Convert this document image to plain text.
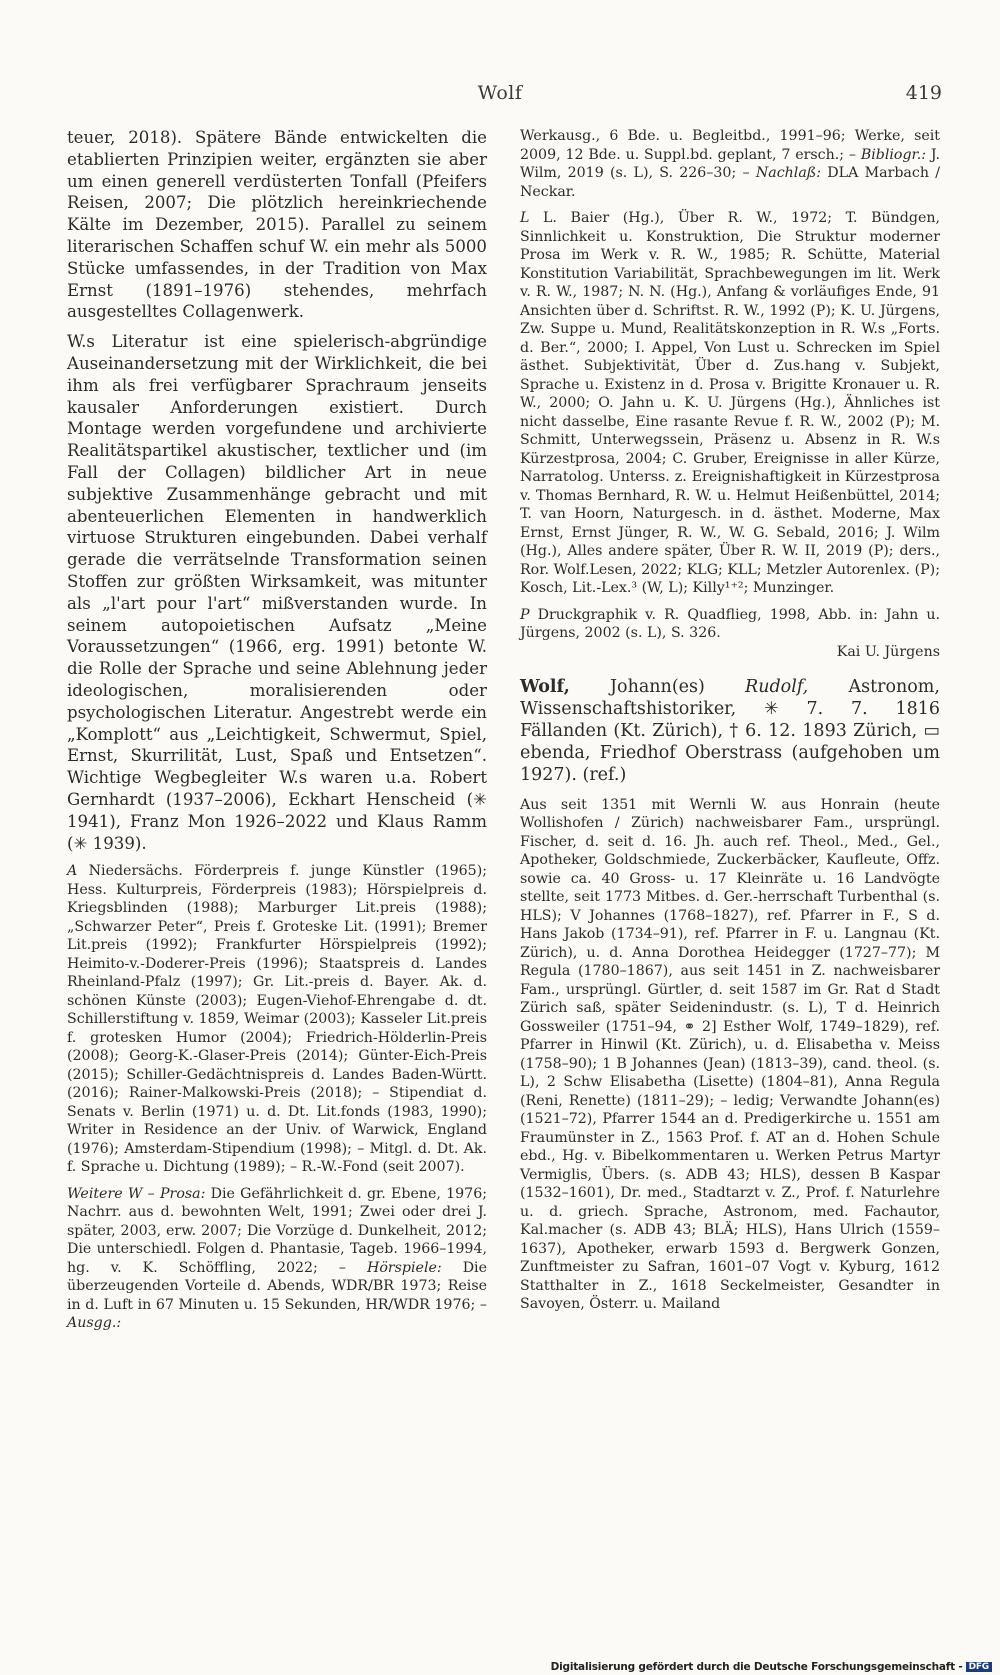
Wolf	419

teuer, 2018). Spätere Bände entwickelten die etablierten Prinzipien weiter, ergänzten sie aber um einen generell verdüsterten Tonfall (Pfeifers Reisen, 2007; Die plötzlich hereinkriechende Kälte im Dezember, 2015). Parallel zu seinem literarischen Schaffen schuf W. ein mehr als 5000 Stücke umfassendes, in der Tradition von Max Ernst (1891–1976) stehendes, mehrfach ausgestelltes Collagenwerk.

W.s Literatur ist eine spielerisch-abgründige Auseinandersetzung mit der Wirklichkeit, die bei ihm als frei verfügbarer Sprachraum jenseits kausaler Anforderungen existiert. Durch Montage werden vorgefundene und archivierte Realitätspartikel akustischer, textlicher und (im Fall der Collagen) bildlicher Art in neue subjektive Zusammenhänge gebracht und mit abenteuerlichen Elementen in handwerklich virtuose Strukturen eingebunden. Dabei verhalf gerade die verrätselnde Transformation seinen Stoffen zur größten Wirksamkeit, was mitunter als „l'art pour l'art“ mißverstanden wurde. In seinem autopoietischen Aufsatz „Meine Voraussetzungen“ (1966, erg. 1991) betonte W. die Rolle der Sprache und seine Ablehnung jeder ideologischen, moralisierenden oder psychologischen Literatur. Angestrebt werde ein „Komplott“ aus „Leichtigkeit, Schwermut, Spiel, Ernst, Skurrilität, Lust, Spaß und Entsetzen“. Wichtige Wegbegleiter W.s waren u.a. Robert Gernhardt (1937–2006), Eckhart Henscheid (✳ 1941), Franz Mon 1926–2022 und Klaus Ramm (✳ 1939).

A Niedersächs. Förderpreis f. junge Künstler (1965); Hess. Kulturpreis, Förderpreis (1983); Hörspielpreis d. Kriegsblinden (1988); Marburger Lit.preis (1988); „Schwarzer Peter“, Preis f. Groteske Lit. (1991); Bremer Lit.preis (1992); Frankfurter Hörspielpreis (1992); Heimito-v.-Doderer-Preis (1996); Staatspreis d. Landes Rheinland-Pfalz (1997); Gr. Lit.-preis d. Bayer. Ak. d. schönen Künste (2003); Eugen-Viehof-Ehrengabe d. dt. Schillerstiftung v. 1859, Weimar (2003); Kasseler Lit.preis f. grotesken Humor (2004); Friedrich-Hölderlin-Preis (2008); Georg-K.-Glaser-Preis (2014); Günter-Eich-Preis (2015); Schiller-Gedächtnispreis d. Landes Baden-Württ. (2016); Rainer-Malkowski-Preis (2018); – Stipendiat d. Senats v. Berlin (1971) u. d. Dt. Lit.fonds (1983, 1990); Writer in Residence an der Univ. of Warwick, England (1976); Amsterdam-Stipendium (1998); – Mitgl. d. Dt. Ak. f. Sprache u. Dichtung (1989); – R.-W.-Fond (seit 2007).

Weitere W – Prosa: Die Gefährlichkeit d. gr. Ebene, 1976; Nachrr. aus d. bewohnten Welt, 1991; Zwei oder drei J. später, 2003, erw. 2007; Die Vorzüge d. Dunkelheit, 2012; Die unterschiedl. Folgen d. Phantasie, Tageb. 1966–1994, hg. v. K. Schöffling, 2022; – Hörspiele: Die überzeugenden Vorteile d. Abends, WDR/BR 1973; Reise in d. Luft in 67 Minuten u. 15 Sekunden, HR/WDR 1976; – Ausgg.:

Werkausg., 6 Bde. u. Begleitbd., 1991–96; Werke, seit 2009, 12 Bde. u. Suppl.bd. geplant, 7 ersch.; – Bibliogr.: J. Wilm, 2019 (s. L), S. 226–30; – Nachlaß: DLA Marbach / Neckar.

L L. Baier (Hg.), Über R. W., 1972; T. Bündgen, Sinnlichkeit u. Konstruktion, Die Struktur moderner Prosa im Werk v. R. W., 1985; R. Schütte, Material Konstitution Variabilität, Sprachbewegungen im lit. Werk v. R. W., 1987; N. N. (Hg.), Anfang & vorläufiges Ende, 91 Ansichten über d. Schriftst. R. W., 1992 (P); K. U. Jürgens, Zw. Suppe u. Mund, Realitätskonzeption in R. W.s „Forts. d. Ber.“, 2000; I. Appel, Von Lust u. Schrecken im Spiel ästhet. Subjektivität, Über d. Zus.hang v. Subjekt, Sprache u. Existenz in d. Prosa v. Brigitte Kronauer u. R. W., 2000; O. Jahn u. K. U. Jürgens (Hg.), Ähnliches ist nicht dasselbe, Eine rasante Revue f. R. W., 2002 (P); M. Schmitt, Unterwegssein, Präsenz u. Absenz in R. W.s Kürzestprosa, 2004; C. Gruber, Ereignisse in aller Kürze, Narratolog. Unterss. z. Ereignishaftigkeit in Kürzestprosa v. Thomas Bernhard, R. W. u. Helmut Heißenbüttel, 2014; T. van Hoorn, Naturgesch. in d. ästhet. Moderne, Max Ernst, Ernst Jünger, R. W., W. G. Sebald, 2016; J. Wilm (Hg.), Alles andere später, Über R. W. II, 2019 (P); ders., Ror. Wolf.Lesen, 2022; KLG; KLL; Metzler Autorenlex. (P); Kosch, Lit.-Lex.³ (W, L); Killy¹⁺²; Munzinger.

P Druckgraphik v. R. Quadflieg, 1998, Abb. in: Jahn u. Jürgens, 2002 (s. L), S. 326.

Kai U. Jürgens

Wolf, Johann(es) Rudolf, Astronom, Wissenschaftshistoriker, ✳ 7. 7. 1816 Fällanden (Kt. Zürich), † 6. 12. 1893 Zürich, ▭ ebenda, Friedhof Oberstrass (aufgehoben um 1927). (ref.)

Aus seit 1351 mit Wernli W. aus Honrain (heute Wollishofen / Zürich) nachweisbarer Fam., ursprüngl. Fischer, d. seit d. 16. Jh. auch ref. Theol., Med., Gel., Apotheker, Goldschmiede, Zuckerbäcker, Kaufleute, Offz. sowie ca. 40 Gross- u. 17 Kleinräte u. 16 Landvögte stellte, seit 1773 Mitbes. d. Ger.-herrschaft Turbenthal (s. HLS); V Johannes (1768–1827), ref. Pfarrer in F., S d. Hans Jakob (1734–91), ref. Pfarrer in F. u. Langnau (Kt. Zürich), u. d. Anna Dorothea Heidegger (1727–77); M Regula (1780–1867), aus seit 1451 in Z. nachweisbarer Fam., ursprüngl. Gürtler, d. seit 1587 im Gr. Rat d Stadt Zürich saß, später Seidenindustr. (s. L), T d. Heinrich Gossweiler (1751–94, ⚭ 2] Esther Wolf, 1749–1829), ref. Pfarrer in Hinwil (Kt. Zürich), u. d. Elisabetha v. Meiss (1758–90); 1 B Johannes (Jean) (1813–39), cand. theol. (s. L), 2 Schw Elisabetha (Lisette) (1804–81), Anna Regula (Reni, Renette) (1811–29); – ledig; Verwandte Johann(es) (1521–72), Pfarrer 1544 an d. Predigerkirche u. 1551 am Fraumünster in Z., 1563 Prof. f. AT an d. Hohen Schule ebd., Hg. v. Bibelkommentaren u. Werken Petrus Martyr Vermiglis, Übers. (s. ADB 43; HLS), dessen B Kaspar (1532–1601), Dr. med., Stadtarzt v. Z., Prof. f. Naturlehre u. d. griech. Sprache, Astronom, med. Fachautor, Kal.macher (s. ADB 43; BLÄ; HLS), Hans Ulrich (1559–1637), Apotheker, erwarb 1593 d. Bergwerk Gonzen, Zunftmeister zu Safran, 1601–07 Vogt v. Kyburg, 1612 Statthalter in Z., 1618 Seckelmeister, Gesandter in Savoyen, Österr. u. Mailand

Digitalisierung gefördert durch die Deutsche Forschungsgemeinschaft - DFG
